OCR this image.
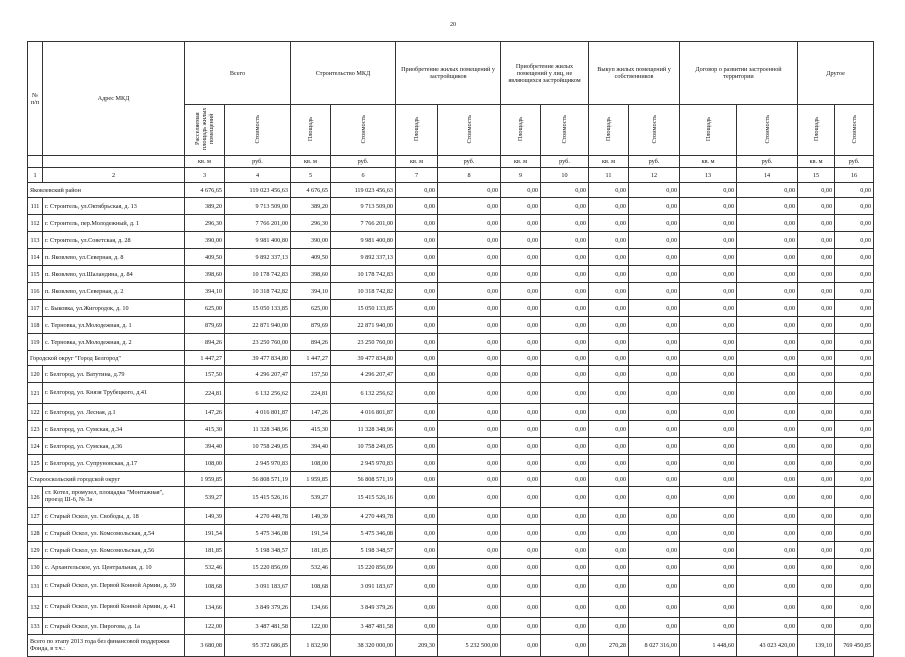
20
№ п/п	Адрес МКД	Всего		Строительство МКД		Приобретение жилых помещений у застройщиков		Приобретение жилых помещений у лиц, не являющихся застройщиком		Выкуп жилых помещений у собственников		Договор о развитии застроенной территории		Другое	
		Расселяемая площадь жилых помещений	Стоимость	Площадь	Стоимость	Площадь	Стоимость	Площадь	Стоимость	Площадь	Стоимость	Площадь	Стоимость	Площадь	Стоимость
		кв. м	руб.	кв. м	руб.	кв. м	руб.	кв. м	руб.	кв. м	руб.	кв. м	руб.	кв. м	руб.
1	2	3	4	5	6	7	8	9	10	11	12	13	14	15	16
Яковлевский район		4 676,65	119 023 456,63	4 676,65	119 023 456,63	0,00	0,00	0,00	0,00	0,00	0,00	0,00	0,00	0,00	0,00
111	г. Строитель, ул.Октябрьская, д. 13	389,20	9 713 509,00	389,20	9 713 509,00	0,00	0,00	0,00	0,00	0,00	0,00	0,00	0,00	0,00	0,00
112	г. Строитель, пер.Молодежный, д. 1	296,30	7 766 201,00	296,30	7 766 201,00	0,00	0,00	0,00	0,00	0,00	0,00	0,00	0,00	0,00	0,00
113	г. Строитель, ул.Советская, д. 28	390,00	9 981 400,80	390,00	9 981 400,80	0,00	0,00	0,00	0,00	0,00	0,00	0,00	0,00	0,00	0,00
114	п. Яковлево, ул.Северная, д. 8	409,50	9 892 337,13	409,50	9 892 337,13	0,00	0,00	0,00	0,00	0,00	0,00	0,00	0,00	0,00	0,00
115	п. Яковлево, ул.Шаландина, д. 84	398,60	10 178 742,83	398,60	10 178 742,83	0,00	0,00	0,00	0,00	0,00	0,00	0,00	0,00	0,00	0,00
116	п. Яковлево, ул.Северная, д. 2	394,10	10 318 742,82	394,10	10 318 742,82	0,00	0,00	0,00	0,00	0,00	0,00	0,00	0,00	0,00	0,00
117	с. Быковка, ул.Жигородок, д. 10	625,00	15 050 133,85	625,00	15 050 133,85	0,00	0,00	0,00	0,00	0,00	0,00	0,00	0,00	0,00	0,00
118	с. Терновка, ул.Молодежная, д. 1	879,69	22 871 940,00	879,69	22 871 940,00	0,00	0,00	0,00	0,00	0,00	0,00	0,00	0,00	0,00	0,00
119	с. Терновка, ул.Молодежная, д. 2	894,26	23 250 760,00	894,26	23 250 760,00	0,00	0,00	0,00	0,00	0,00	0,00	0,00	0,00	0,00	0,00
Городской округ "Город Белгород"		1 447,27	39 477 834,80	1 447,27	39 477 834,80	0,00	0,00	0,00	0,00	0,00	0,00	0,00	0,00	0,00	0,00
120	г. Белгород, ул. Ватутина, д.79	157,50	4 296 207,47	157,50	4 296 207,47	0,00	0,00	0,00	0,00	0,00	0,00	0,00	0,00	0,00	0,00
121	г. Белгород, ул. Князя Трубецкого, д.41	224,81	6 132 256,62	224,81	6 132 256,62	0,00	0,00	0,00	0,00	0,00	0,00	0,00	0,00	0,00	0,00
122	г. Белгород, ул. Лесная, д.1	147,26	4 016 801,87	147,26	4 016 801,87	0,00	0,00	0,00	0,00	0,00	0,00	0,00	0,00	0,00	0,00
123	г. Белгород, ул. Сумская, д.34	415,30	11 328 348,96	415,30	11 328 348,96	0,00	0,00	0,00	0,00	0,00	0,00	0,00	0,00	0,00	0,00
124	г. Белгород, ул. Сумская, д.36	394,40	10 758 249,05	394,40	10 758 249,05	0,00	0,00	0,00	0,00	0,00	0,00	0,00	0,00	0,00	0,00
125	г. Белгород, ул. Супруновская, д.17	108,00	2 945 970,83	108,00	2 945 970,83	0,00	0,00	0,00	0,00	0,00	0,00	0,00	0,00	0,00	0,00
Старооскольский городской округ		1 959,85	56 808 571,19	1 959,85	56 808 571,19	0,00	0,00	0,00	0,00	0,00	0,00	0,00	0,00	0,00	0,00
126	ст. Котел, промузел, площадка "Монтажная", проезд Ш-6, № 3а	539,27	15 415 526,16	539,27	15 415 526,16	0,00	0,00	0,00	0,00	0,00	0,00	0,00	0,00	0,00	0,00
127	г. Старый Оскол, ул. Свободы, д. 18	149,39	4 270 449,78	149,39	4 270 449,78	0,00	0,00	0,00	0,00	0,00	0,00	0,00	0,00	0,00	0,00
128	г. Старый Оскол, ул. Комсомольская, д.54	191,54	5 475 346,08	191,54	5 475 346,08	0,00	0,00	0,00	0,00	0,00	0,00	0,00	0,00	0,00	0,00
129	г. Старый Оскол, ул. Комсомольская, д.56	181,85	5 198 348,57	181,85	5 198 348,57	0,00	0,00	0,00	0,00	0,00	0,00	0,00	0,00	0,00	0,00
130	с. Архангельское, ул. Центральная, д. 10	532,46	15 220 856,09	532,46	15 220 856,09	0,00	0,00	0,00	0,00	0,00	0,00	0,00	0,00	0,00	0,00
131	г. Старый Оскол, ул. Первой Конной Армии, д. 39	108,68	3 091 183,67	108,68	3 091 183,67	0,00	0,00	0,00	0,00	0,00	0,00	0,00	0,00	0,00	0,00
132	г. Старый Оскол, ул. Первой Конной Армии, д. 41	134,66	3 849 379,26	134,66	3 849 379,26	0,00	0,00	0,00	0,00	0,00	0,00	0,00	0,00	0,00	0,00
133	г. Старый Оскол, ул. Пирогова, д. 1а	122,00	3 487 481,58	122,00	3 487 481,58	0,00	0,00	0,00	0,00	0,00	0,00	0,00	0,00	0,00	0,00
Всего по этапу 2013 года без финансовой поддержки Фонда, в т.ч.:		3 680,08	95 372 686,85	1 832,90	38 320 000,00	209,30	5 232 500,00	0,00	0,00	270,28	8 027 316,00	1 448,60	43 023 420,00	139,10	769 450,85
